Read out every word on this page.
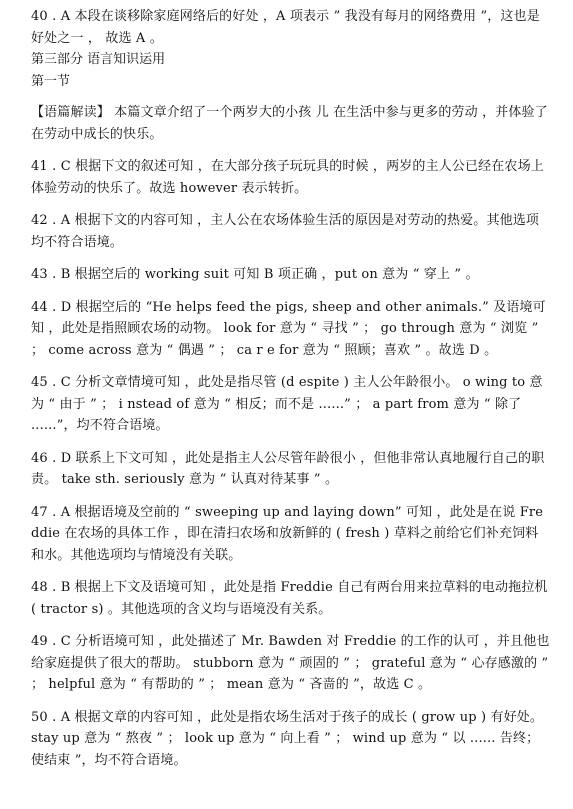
40 . A 本段在谈移除家庭网络后的好处 ，A 项表示 ” 我没有每月的网络费用 ”，这也是好处之一 ， 故选 A 。

第三部分 语言知识运用

第一节

【语篇解读】 本篇文章介绍了一个两岁大的小孩 儿 在生活中参与更多的劳动 ，并体验了在劳动中成长的快乐。

41 . C 根据下文的叙述可知 ，在大部分孩子玩玩具的时候 ，两岁的主人公已经在农场上体验劳动的快乐了。故选 however 表示转折。

42 . A 根据下文的内容可知 ，主人公在农场体验生活的原因是对劳动的热爱。其他选项均不符合语境。

43 . B 根据空后的 working suit 可知 B 项正确 ，put on 意为 “ 穿上 ” 。

44 . D 根据空后的 “He helps feed the pigs, sheep and other animals.” 及语境可知 ，此处是指照顾农场的动物。 look for 意为 “ 寻找 ” ； go through 意为 “ 浏览 ” ； come across 意为 “ 偶遇 ” ； ca r e for 意为 “ 照顾；喜欢 ” 。故选 D 。

45 . C 分析文章情境可知 ，此处是指尽管 (d espite ) 主人公年龄很小。 o wing to 意为 “ 由于 ” ； i nstead of 意为 “ 相反；而不是 ......” ； a part from 意为 “ 除了 ......”，均不符合语境。

46 . D 联系上下文可知 ，此处是指主人公尽管年龄很小 ，但他非常认真地履行自己的职责。 take sth. seriously 意为 “ 认真对待某事 ” 。

47 . A 根据语境及空前的 “ sweeping up and laying down” 可知 ，此处是在说 Freddie 在农场的具体工作 ，即在清扫农场和放新鲜的 ( fresh ) 草料之前给它们补充饲料和水。其他选项均与情境没有关联。

48 . B 根据上下文及语境可知 ，此处是指 Freddie 自己有两台用来拉草料的电动拖拉机 ( tractor s) 。其他选项的含义均与语境没有关系。

49 . C 分析语境可知 ，此处描述了 Mr. Bawden 对 Freddie 的工作的认可 ，并且他也给家庭提供了很大的帮助。 stubborn 意为 “ 顽固的 ” ； grateful 意为 “ 心存感激的 ” ； helpful 意为 “ 有帮助的 ” ； mean 意为 “ 吝啬的 ”，故选 C 。

50 . A 根据文章的内容可知 ，此处是指农场生活对于孩子的成长 ( grow up ) 有好处。 stay up 意为 “ 熬夜 ” ； look up 意为 “ 向上看 ” ； wind up 意为 “ 以 ...... 告终；使结束 ”，均不符合语境。
